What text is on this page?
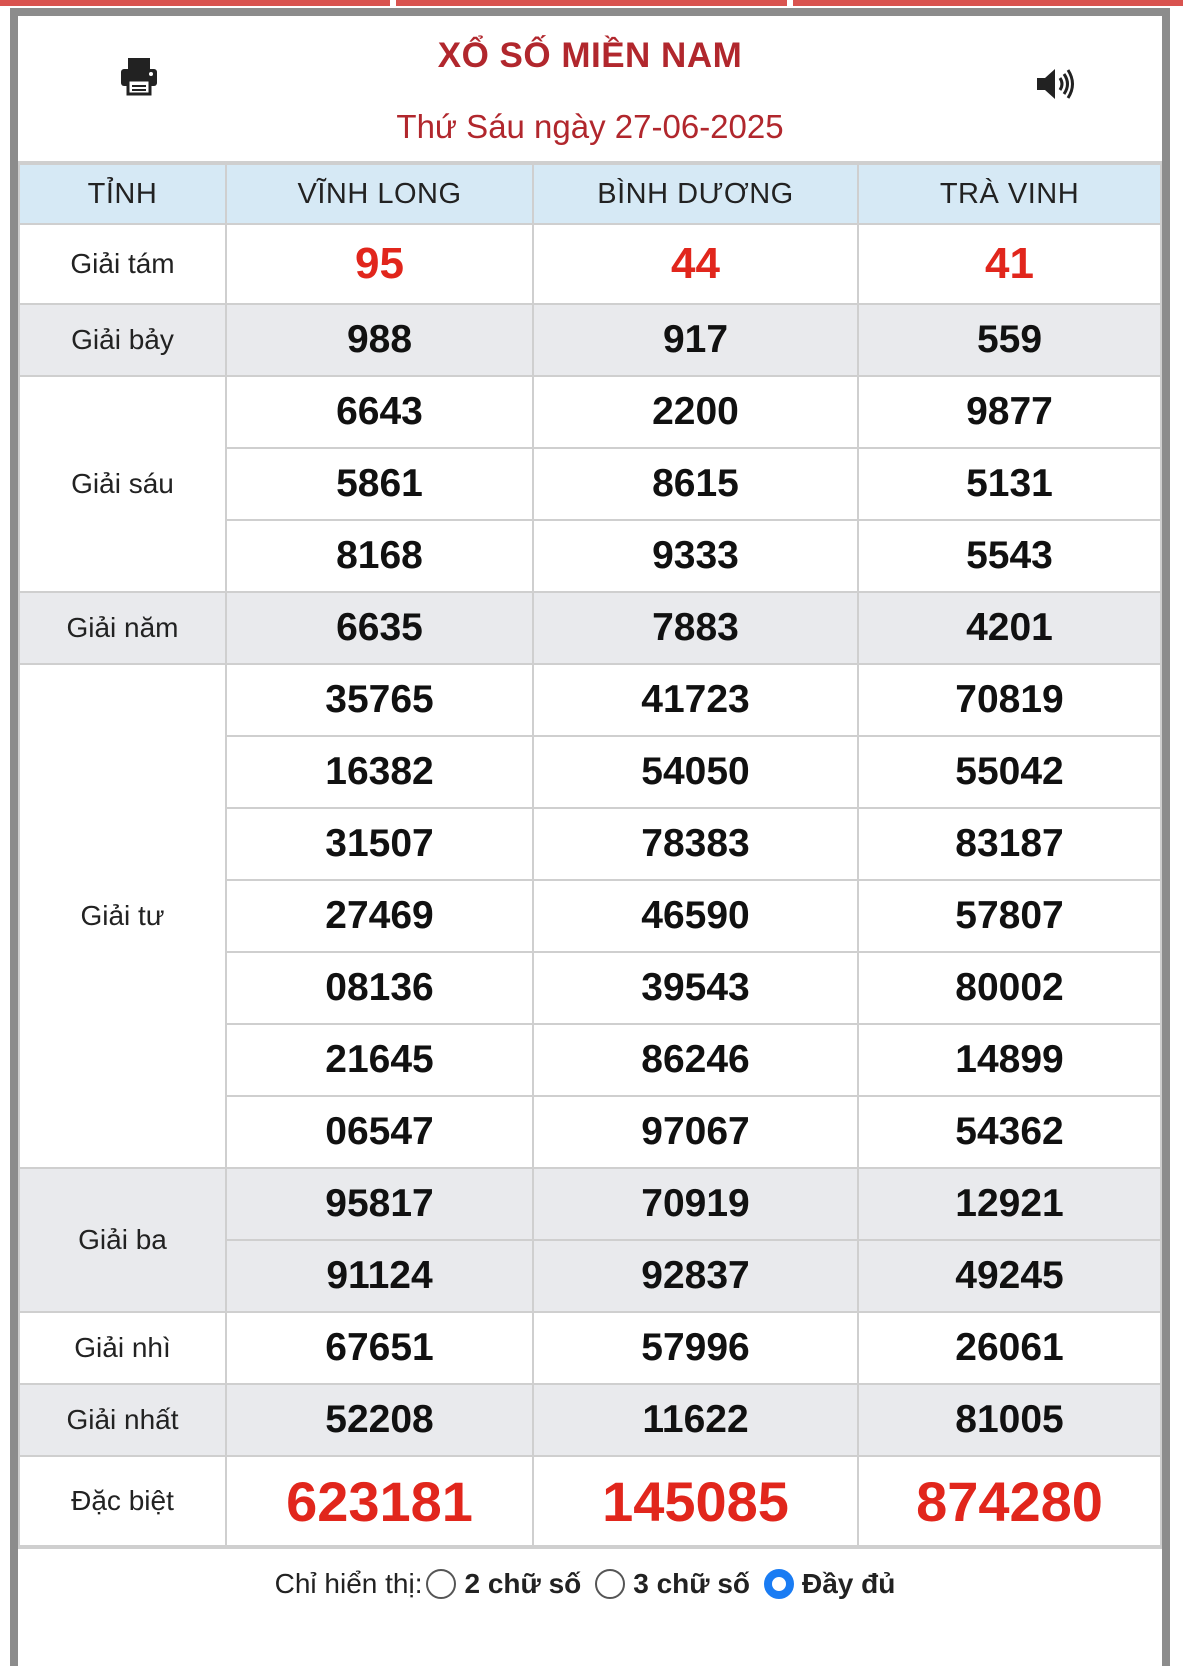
XỔ SỐ MIỀN NAM
Thứ Sáu ngày 27-06-2025
TỈNH	VĨNH LONG	BÌNH DƯƠNG	TRÀ VINH
Giải tám	95	44	41
Giải bảy	988	917	559
Giải sáu	6643	2200	9877
	5861	8615	5131
	8168	9333	5543
Giải năm	6635	7883	4201
Giải tư	35765	41723	70819
	16382	54050	55042
	31507	78383	83187
	27469	46590	57807
	08136	39543	80002
	21645	86246	14899
	06547	97067	54362
Giải ba	95817	70919	12921
	91124	92837	49245
Giải nhì	67651	57996	26061
Giải nhất	52208	11622	81005
Đặc biệt	623181	145085	874280
Chỉ hiển thị: 2 chữ số 3 chữ số Đầy đủ
